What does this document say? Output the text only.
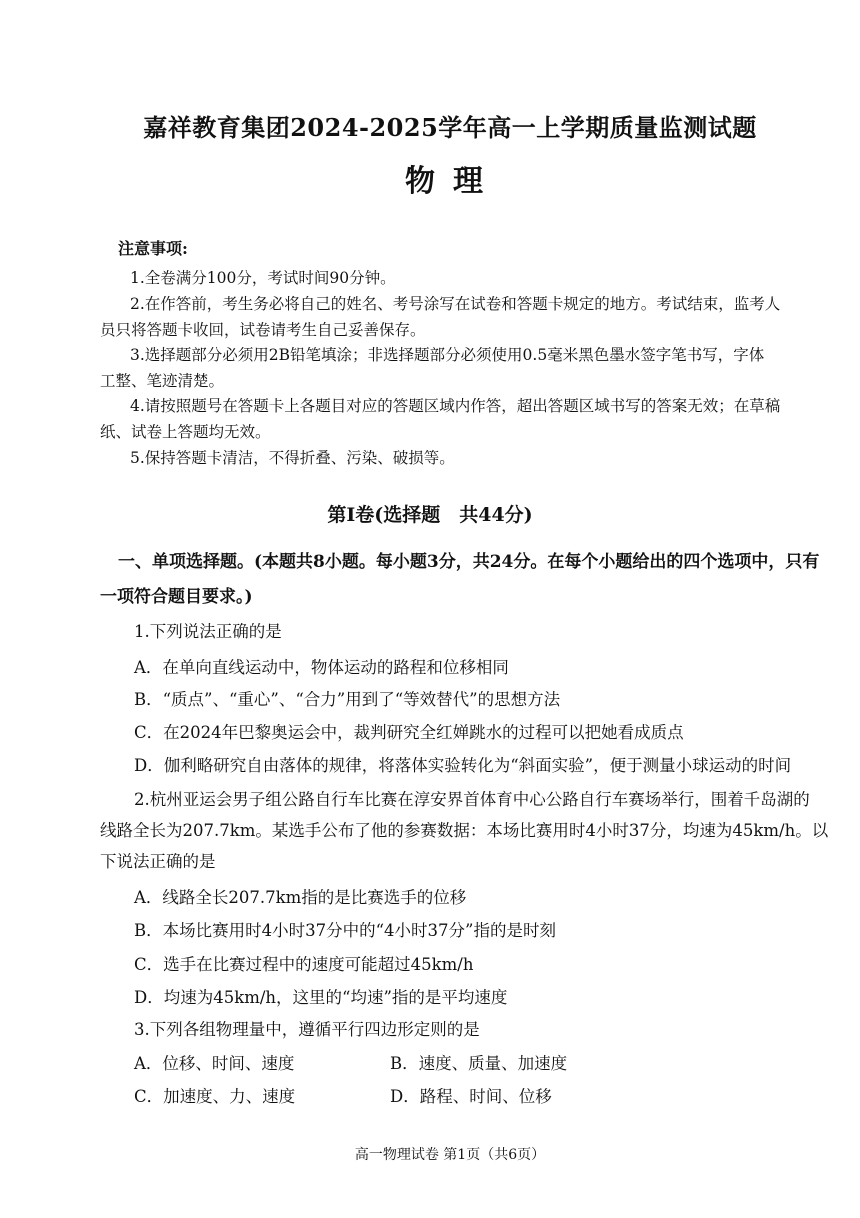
嘉祥教育集团2024-2025学年高一上学期质量监测试题
物理
注意事项:
1.全卷满分100分，考试时间90分钟。
2.在作答前，考生务必将自己的姓名、考号涂写在试卷和答题卡规定的地方。考试结束，监考人
员只将答题卡收回，试卷请考生自己妥善保存。
3.选择题部分必须用2B铅笔填涂；非选择题部分必须使用0.5毫米黑色墨水签字笔书写，字体
工整、笔迹清楚。
4.请按照题号在答题卡上各题目对应的答题区域内作答，超出答题区域书写的答案无效；在草稿
纸、试卷上答题均无效。
5.保持答题卡清洁，不得折叠、污染、破损等。
第I卷(选择题　共44分)
一、单项选择题。(本题共8小题。每小题3分，共24分。在每个小题给出的四个选项中，只有
一项符合题目要求。)
1.下列说法正确的是
A．在单向直线运动中，物体运动的路程和位移相同
B．“质点”、“重心”、“合力”用到了“等效替代”的思想方法
C．在2024年巴黎奥运会中，裁判研究全红婵跳水的过程可以把她看成质点
D．伽利略研究自由落体的规律，将落体实验转化为“斜面实验”，便于测量小球运动的时间
2.杭州亚运会男子组公路自行车比赛在淳安界首体育中心公路自行车赛场举行，围着千岛湖的
线路全长为207.7km。某选手公布了他的参赛数据：本场比赛用时4小时37分，均速为45km/h。以
下说法正确的是
A．线路全长207.7km指的是比赛选手的位移
B．本场比赛用时4小时37分中的“4小时37分”指的是时刻
C．选手在比赛过程中的速度可能超过45km/h
D．均速为45km/h，这里的“均速”指的是平均速度
3.下列各组物理量中，遵循平行四边形定则的是
A．位移、时间、速度	B．速度、质量、加速度
C．加速度、力、速度	D．路程、时间、位移
高一物理试卷 第1页（共6页）
